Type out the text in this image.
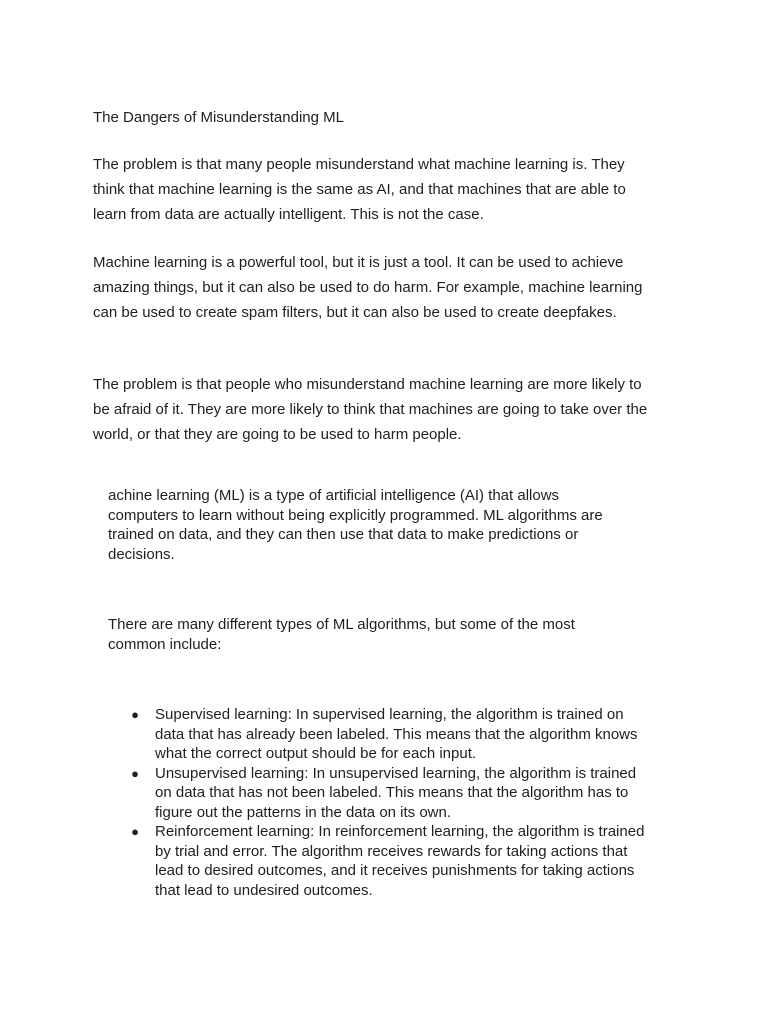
The Dangers of Misunderstanding ML

The problem is that many people misunderstand what machine learning is. They think that machine learning is the same as AI, and that machines that are able to learn from data are actually intelligent. This is not the case.

Machine learning is a powerful tool, but it is just a tool. It can be used to achieve amazing things, but it can also be used to do harm. For example, machine learning can be used to create spam filters, but it can also be used to create deepfakes.

The problem is that people who misunderstand machine learning are more likely to be afraid of it. They are more likely to think that machines are going to take over the world, or that they are going to be used to harm people.

achine learning (ML) is a type of artificial intelligence (AI) that allows computers to learn without being explicitly programmed. ML algorithms are trained on data, and they can then use that data to make predictions or decisions.

There are many different types of ML algorithms, but some of the most common include:

● Supervised learning: In supervised learning, the algorithm is trained on data that has already been labeled. This means that the algorithm knows what the correct output should be for each input.
● Unsupervised learning: In unsupervised learning, the algorithm is trained on data that has not been labeled. This means that the algorithm has to figure out the patterns in the data on its own.
● Reinforcement learning: In reinforcement learning, the algorithm is trained by trial and error. The algorithm receives rewards for taking actions that lead to desired outcomes, and it receives punishments for taking actions that lead to undesired outcomes.
